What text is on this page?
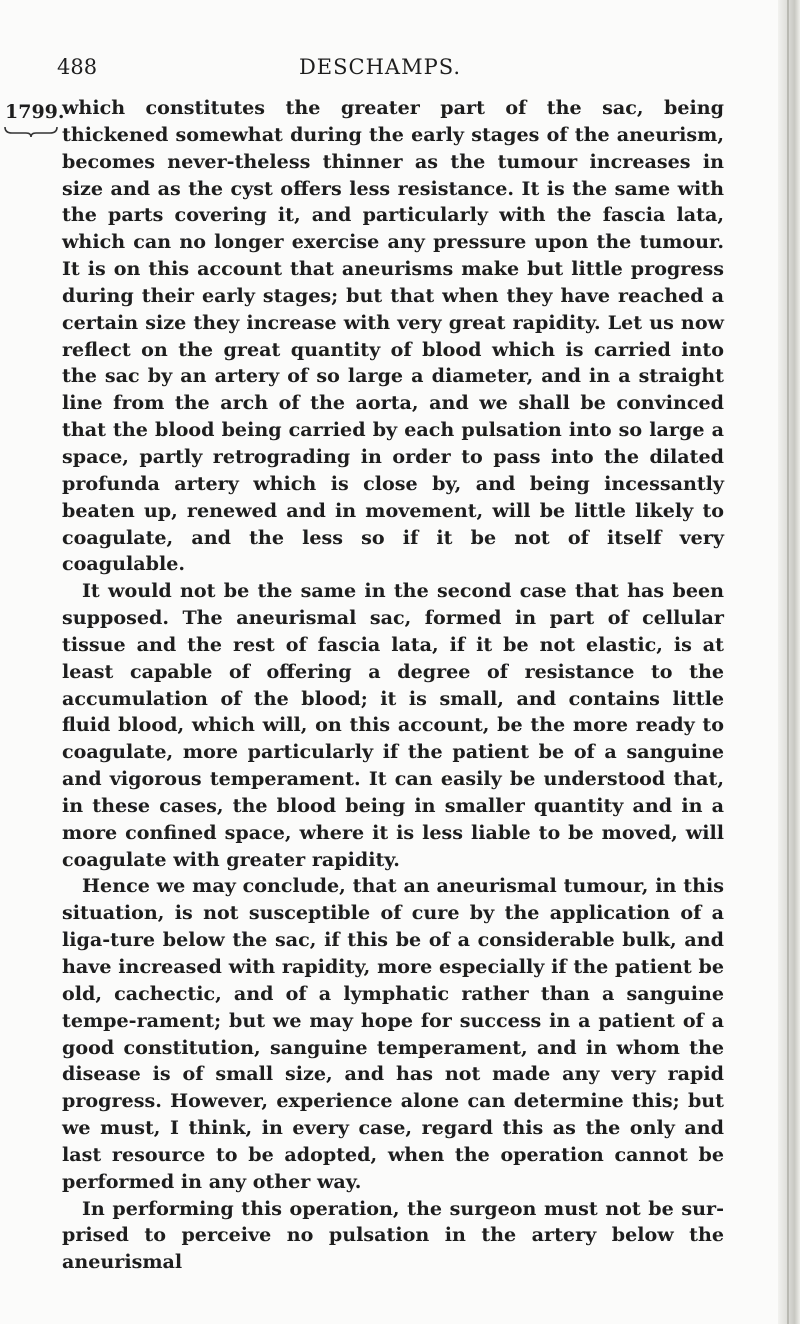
488	DESCHAMPS.
1799.

which constitutes the greater part of the sac, being thickened somewhat during the early stages of the aneurism, becomes never-theless thinner as the tumour increases in size and as the cyst offers less resistance. It is the same with the parts covering it, and particularly with the fascia lata, which can no longer exercise any pressure upon the tumour. It is on this account that aneurisms make but little progress during their early stages; but that when they have reached a certain size they increase with very great rapidity. Let us now reflect on the great quantity of blood which is carried into the sac by an artery of so large a diameter, and in a straight line from the arch of the aorta, and we shall be convinced that the blood being carried by each pulsation into so large a space, partly retrograding in order to pass into the dilated profunda artery which is close by, and being incessantly beaten up, renewed and in movement, will be little likely to coagulate, and the less so if it be not of itself very coagulable.

It would not be the same in the second case that has been supposed. The aneurismal sac, formed in part of cellular tissue and the rest of fascia lata, if it be not elastic, is at least capable of offering a degree of resistance to the accumulation of the blood; it is small, and contains little fluid blood, which will, on this account, be the more ready to coagulate, more particularly if the patient be of a sanguine and vigorous temperament. It can easily be understood that, in these cases, the blood being in smaller quantity and in a more confined space, where it is less liable to be moved, will coagulate with greater rapidity.

Hence we may conclude, that an aneurismal tumour, in this situation, is not susceptible of cure by the application of a liga-ture below the sac, if this be of a considerable bulk, and have increased with rapidity, more especially if the patient be old, cachectic, and of a lymphatic rather than a sanguine tempe-rament; but we may hope for success in a patient of a good constitution, sanguine temperament, and in whom the disease is of small size, and has not made any very rapid progress. However, experience alone can determine this; but we must, I think, in every case, regard this as the only and last resource to be adopted, when the operation cannot be performed in any other way.

In performing this operation, the surgeon must not be sur-prised to perceive no pulsation in the artery below the aneurismal
